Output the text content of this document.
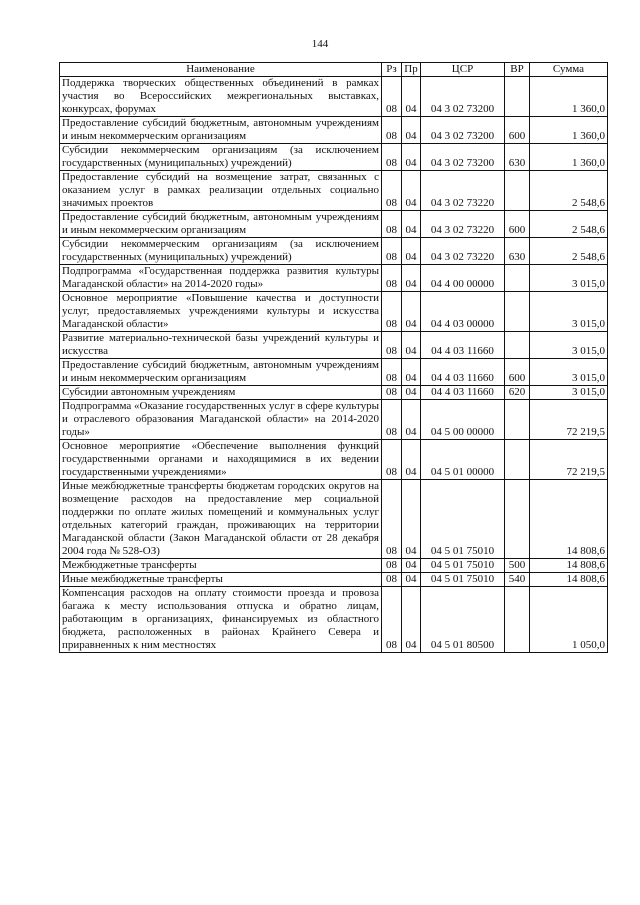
144
Наименование	Рз	Пр	ЦСР	ВР	Сумма
Поддержка творческих общественных объединений в рамках участия во Всероссийских межрегиональных выставках, конкурсах, форумах	08	04	04 3 02 73200		1 360,0
Предоставление субсидий бюджетным, автономным учреждениям и иным некоммерческим организациям	08	04	04 3 02 73200	600	1 360,0
Субсидии некоммерческим организациям (за исключением государственных (муниципальных) учреждений)	08	04	04 3 02 73200	630	1 360,0
Предоставление субсидий на возмещение затрат, связанных с оказанием услуг в рамках реализации отдельных социально значимых проектов	08	04	04 3 02 73220		2 548,6
Предоставление субсидий бюджетным, автономным учреждениям и иным некоммерческим организациям	08	04	04 3 02 73220	600	2 548,6
Субсидии некоммерческим организациям (за исключением государственных (муниципальных) учреждений)	08	04	04 3 02 73220	630	2 548,6
Подпрограмма «Государственная поддержка развития культуры Магаданской области» на 2014-2020 годы»	08	04	04 4 00 00000		3 015,0
Основное мероприятие «Повышение качества и доступности услуг, предоставляемых учреждениями культуры и искусства Магаданской области»	08	04	04 4 03 00000		3 015,0
Развитие материально-технической базы учреждений культуры и искусства	08	04	04 4 03 11660		3 015,0
Предоставление субсидий бюджетным, автономным учреждениям и иным некоммерческим организациям	08	04	04 4 03 11660	600	3 015,0
Субсидии автономным учреждениям	08	04	04 4 03 11660	620	3 015,0
Подпрограмма «Оказание государственных услуг в сфере культуры и отраслевого образования Магаданской области» на 2014-2020 годы»	08	04	04 5 00 00000		72 219,5
Основное мероприятие «Обеспечение выполнения функций государственными органами и находящимися в их ведении государственными учреждениями»	08	04	04 5 01 00000		72 219,5
Иные межбюджетные трансферты бюджетам городских округов на возмещение расходов на предоставление мер социальной поддержки по оплате жилых помещений и коммунальных услуг отдельных категорий граждан, проживающих на территории Магаданской области (Закон Магаданской области от 28 декабря 2004 года № 528-ОЗ)	08	04	04 5 01 75010		14 808,6
Межбюджетные трансферты	08	04	04 5 01 75010	500	14 808,6
Иные межбюджетные трансферты	08	04	04 5 01 75010	540	14 808,6
Компенсация расходов на оплату стоимости проезда и провоза багажа к месту использования отпуска и обратно лицам, работающим в организациях, финансируемых из областного бюджета, расположенных в районах Крайнего Севера и приравненных к ним местностях	08	04	04 5 01 80500		1 050,0
